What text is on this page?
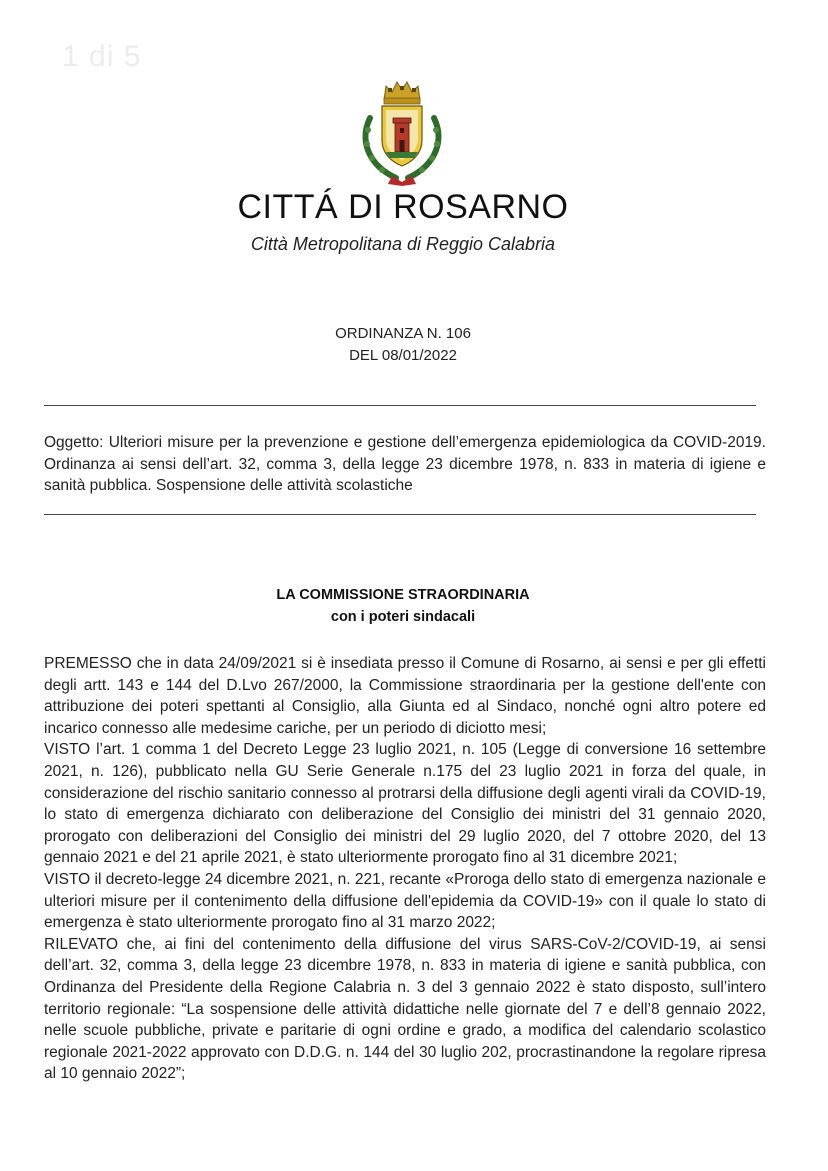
1 di 5
CITTÁ DI ROSARNO
Città Metropolitana di Reggio Calabria
ORDINANZA N. 106
DEL 08/01/2022
Oggetto: Ulteriori misure per la prevenzione e gestione dell’emergenza epidemiologica da COVID-2019. Ordinanza ai sensi dell’art. 32, comma 3, della legge 23 dicembre 1978, n. 833 in materia di igiene e sanità pubblica. Sospensione delle attività scolastiche
LA COMMISSIONE STRAORDINARIA
con i poteri sindacali

PREMESSO che in data 24/09/2021 si è insediata presso il Comune di Rosarno, ai sensi e per gli effetti degli artt. 143 e 144 del D.Lvo 267/2000, la Commissione straordinaria per la gestione dell'ente con attribuzione dei poteri spettanti al Consiglio, alla Giunta ed al Sindaco, nonché ogni altro potere ed incarico connesso alle medesime cariche, per un periodo di diciotto mesi;

VISTO l’art. 1 comma 1 del Decreto Legge 23 luglio 2021, n. 105 (Legge di conversione 16 settembre 2021, n. 126), pubblicato nella GU Serie Generale n.175 del 23 luglio 2021 in forza del quale, in considerazione del rischio sanitario connesso al protrarsi della diffusione degli agenti virali da COVID-19, lo stato di emergenza dichiarato con deliberazione del Consiglio dei ministri del 31 gennaio 2020, prorogato con deliberazioni del Consiglio dei ministri del 29 luglio 2020, del 7 ottobre 2020, del 13 gennaio 2021 e del 21 aprile 2021, è stato ulteriormente prorogato fino al 31 dicembre 2021;

VISTO il decreto-legge 24 dicembre 2021, n. 221, recante «Proroga dello stato di emergenza nazionale e ulteriori misure per il contenimento della diffusione dell'epidemia da COVID-19» con il quale lo stato di emergenza è stato ulteriormente prorogato fino al 31 marzo 2022;

RILEVATO che, ai fini del contenimento della diffusione del virus SARS-CoV-2/COVID-19, ai sensi dell’art. 32, comma 3, della legge 23 dicembre 1978, n. 833 in materia di igiene e sanità pubblica, con Ordinanza del Presidente della Regione Calabria n. 3 del 3 gennaio 2022 è stato disposto, sull’intero territorio regionale: “La sospensione delle attività didattiche nelle giornate del 7 e dell’8 gennaio 2022, nelle scuole pubbliche, private e paritarie di ogni ordine e grado, a modifica del calendario scolastico regionale 2021-2022 approvato con D.D.G. n. 144 del 30 luglio 202, procrastinandone la regolare ripresa al 10 gennaio 2022”;
